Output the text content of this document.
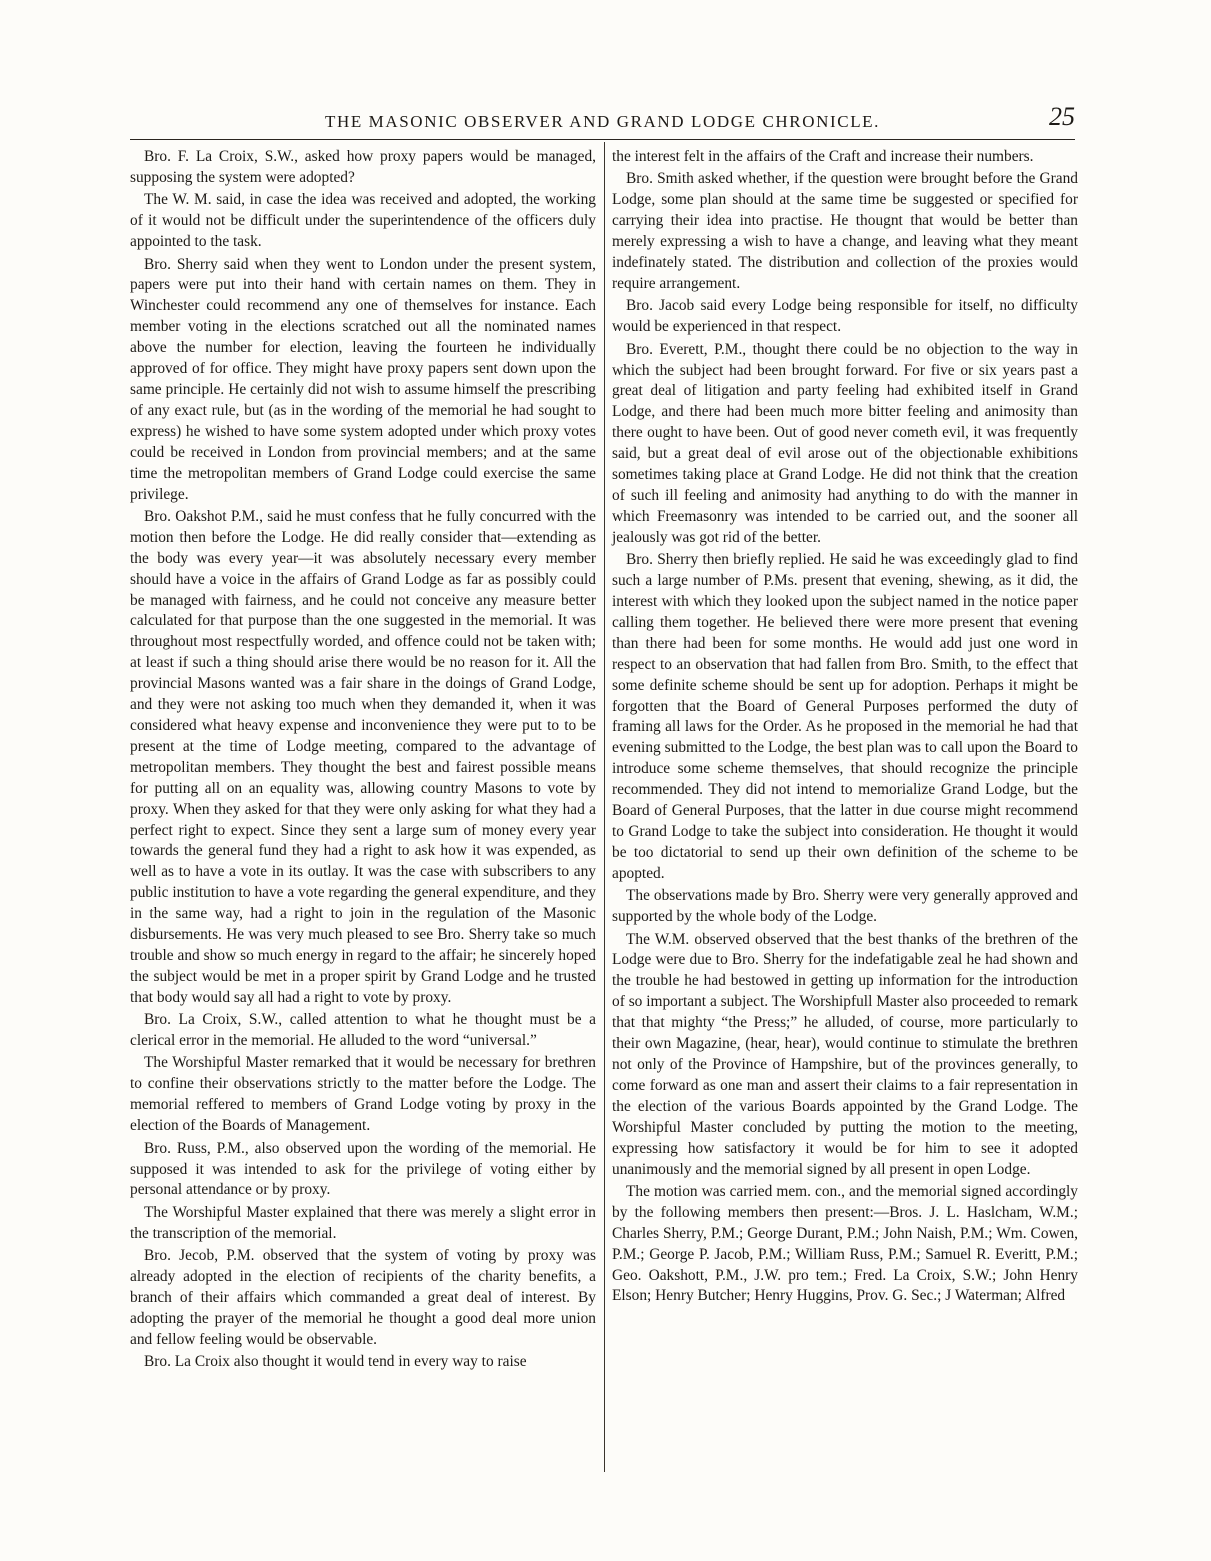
THE MASONIC OBSERVER AND GRAND LODGE CHRONICLE.	25

Bro. F. La Croix, S.W., asked how proxy papers would be managed, supposing the system were adopted?

The W. M. said, in case the idea was received and adopted, the working of it would not be difficult under the superintendence of the officers duly appointed to the task.

Bro. Sherry said when they went to London under the present system, papers were put into their hand with certain names on them. They in Winchester could recommend any one of themselves for instance. Each member voting in the elections scratched out all the nominated names above the number for election, leaving the fourteen he individually approved of for office. They might have proxy papers sent down upon the same principle. He certainly did not wish to assume himself the prescribing of any exact rule, but (as in the wording of the memorial he had sought to express) he wished to have some system adopted under which proxy votes could be received in London from provincial members; and at the same time the metropolitan members of Grand Lodge could exercise the same privilege.

Bro. Oakshot P.M., said he must confess that he fully concurred with the motion then before the Lodge. He did really consider that—extending as the body was every year—it was absolutely necessary every member should have a voice in the affairs of Grand Lodge as far as possibly could be managed with fairness, and he could not conceive any measure better calculated for that purpose than the one suggested in the memorial. It was throughout most respectfully worded, and offence could not be taken with; at least if such a thing should arise there would be no reason for it. All the provincial Masons wanted was a fair share in the doings of Grand Lodge, and they were not asking too much when they demanded it, when it was considered what heavy expense and inconvenience they were put to to be present at the time of Lodge meeting, compared to the advantage of metropolitan members. They thought the best and fairest possible means for putting all on an equality was, allowing country Masons to vote by proxy. When they asked for that they were only asking for what they had a perfect right to expect. Since they sent a large sum of money every year towards the general fund they had a right to ask how it was expended, as well as to have a vote in its outlay. It was the case with subscribers to any public institution to have a vote regarding the general expenditure, and they in the same way, had a right to join in the regulation of the Masonic disbursements. He was very much pleased to see Bro. Sherry take so much trouble and show so much energy in regard to the affair; he sincerely hoped the subject would be met in a proper spirit by Grand Lodge and he trusted that body would say all had a right to vote by proxy.

Bro. La Croix, S.W., called attention to what he thought must be a clerical error in the memorial. He alluded to the word “universal.”

The Worshipful Master remarked that it would be necessary for brethren to confine their observations strictly to the matter before the Lodge. The memorial reffered to members of Grand Lodge voting by proxy in the election of the Boards of Management.

Bro. Russ, P.M., also observed upon the wording of the memorial. He supposed it was intended to ask for the privilege of voting either by personal attendance or by proxy.

The Worshipful Master explained that there was merely a slight error in the transcription of the memorial.

Bro. Jecob, P.M. observed that the system of voting by proxy was already adopted in the election of recipients of the charity benefits, a branch of their affairs which commanded a great deal of interest. By adopting the prayer of the memorial he thought a good deal more union and fellow feeling would be observable.

Bro. La Croix also thought it would tend in every way to raise

the interest felt in the affairs of the Craft and increase their numbers.

Bro. Smith asked whether, if the question were brought before the Grand Lodge, some plan should at the same time be suggested or specified for carrying their idea into practise. He thougnt that would be better than merely expressing a wish to have a change, and leaving what they meant indefinately stated. The distribution and collection of the proxies would require arrangement.

Bro. Jacob said every Lodge being responsible for itself, no difficulty would be experienced in that respect.

Bro. Everett, P.M., thought there could be no objection to the way in which the subject had been brought forward. For five or six years past a great deal of litigation and party feeling had exhibited itself in Grand Lodge, and there had been much more bitter feeling and animosity than there ought to have been. Out of good never cometh evil, it was frequently said, but a great deal of evil arose out of the objectionable exhibitions sometimes taking place at Grand Lodge. He did not think that the creation of such ill feeling and animosity had anything to do with the manner in which Freemasonry was intended to be carried out, and the sooner all jealously was got rid of the better.

Bro. Sherry then briefly replied. He said he was exceedingly glad to find such a large number of P.Ms. present that evening, shewing, as it did, the interest with which they looked upon the subject named in the notice paper calling them together. He believed there were more present that evening than there had been for some months. He would add just one word in respect to an observation that had fallen from Bro. Smith, to the effect that some definite scheme should be sent up for adoption. Perhaps it might be forgotten that the Board of General Purposes performed the duty of framing all laws for the Order. As he proposed in the memorial he had that evening submitted to the Lodge, the best plan was to call upon the Board to introduce some scheme themselves, that should recognize the principle recommended. They did not intend to memorialize Grand Lodge, but the Board of General Purposes, that the latter in due course might recommend to Grand Lodge to take the subject into consideration. He thought it would be too dictatorial to send up their own definition of the scheme to be apopted.

The observations made by Bro. Sherry were very generally approved and supported by the whole body of the Lodge.

The W.M. observed observed that the best thanks of the brethren of the Lodge were due to Bro. Sherry for the indefatigable zeal he had shown and the trouble he had bestowed in getting up information for the introduction of so important a subject. The Worshipfull Master also proceeded to remark that that mighty “the Press;” he alluded, of course, more particularly to their own Magazine, (hear, hear), would continue to stimulate the brethren not only of the Province of Hampshire, but of the provinces generally, to come forward as one man and assert their claims to a fair representation in the election of the various Boards appointed by the Grand Lodge. The Worshipful Master concluded by putting the motion to the meeting, expressing how satisfactory it would be for him to see it adopted unanimously and the memorial signed by all present in open Lodge.

The motion was carried mem. con., and the memorial signed accordingly by the following members then present:—Bros. J. L. Haslcham, W.M.; Charles Sherry, P.M.; George Durant, P.M.; John Naish, P.M.; Wm. Cowen, P.M.; George P. Jacob, P.M.; William Russ, P.M.; Samuel R. Everitt, P.M.; Geo. Oakshott, P.M., J.W. pro tem.; Fred. La Croix, S.W.; John Henry Elson; Henry Butcher; Henry Huggins, Prov. G. Sec.; J Waterman; Alfred
